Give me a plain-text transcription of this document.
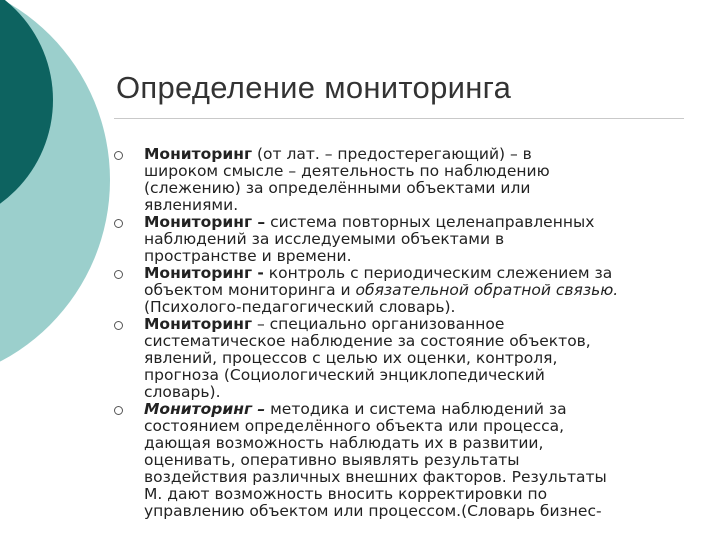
Определение мониторинга
Мониторинг (от лат. – предостерегающий) – в
широком смысле – деятельность по наблюдению
(слежению) за определёнными объектами или
явлениями.
Мониторинг – система повторных целенаправленных
наблюдений за исследуемыми объектами в
пространстве и времени.
Мониторинг - контроль с периодическим слежением за
объектом мониторинга и обязательной обратной связью.
(Психолого-педагогический словарь).
Мониторинг – специально организованное
систематическое наблюдение за состояние объектов,
явлений, процессов с целью их оценки, контроля,
прогноза (Социологический энциклопедический
словарь).
Мониторинг – методика и система наблюдений за
состоянием определённого объекта или процесса,
дающая возможность наблюдать их в развитии,
оценивать, оперативно выявлять результаты
воздействия различных внешних факторов. Результаты
М. дают возможность вносить корректировки по
управлению объектом или процессом.(Словарь бизнес-
